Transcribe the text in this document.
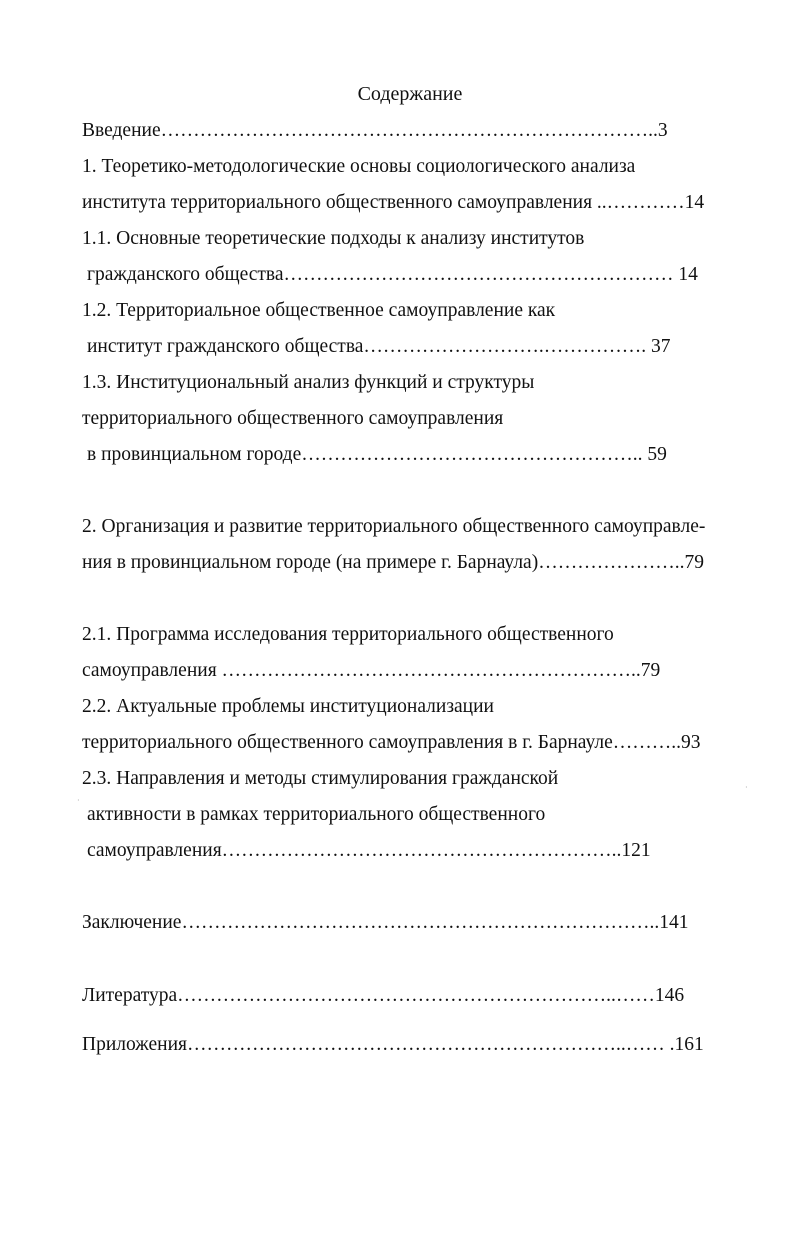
Содержание

Введение…………………………………………………………………..3

1. Теоретико-методологические основы социологического анализа

института территориального общественного самоуправления ..…………14

1.1. Основные теоретические подходы к анализу институтов

гражданского общества…………………………………………………… 14

1.2. Территориальное общественное самоуправление как

институт гражданского общества……………………….……………. 37

1.3. Институциональный анализ функций и структуры

территориального общественного самоуправления

в провинциальном городе…………………………………………….. 59

2. Организация и развитие территориального общественного самоуправле-

ния в провинциальном городе (на примере г. Барнаула)…………………..79

2.1. Программа исследования территориального общественного

самоуправления ………………………………………………………..79

2.2. Актуальные проблемы институционализации

территориального общественного самоуправления в г. Барнауле………..93

2.3. Направления и методы стимулирования гражданской

активности в рамках территориального общественного

самоуправления……………………………………………………..121

Заключение………………………………………………………………..141

Литература…………………………………………………………..……146

Приложения…………………………………………………………..…… .161

·
·
